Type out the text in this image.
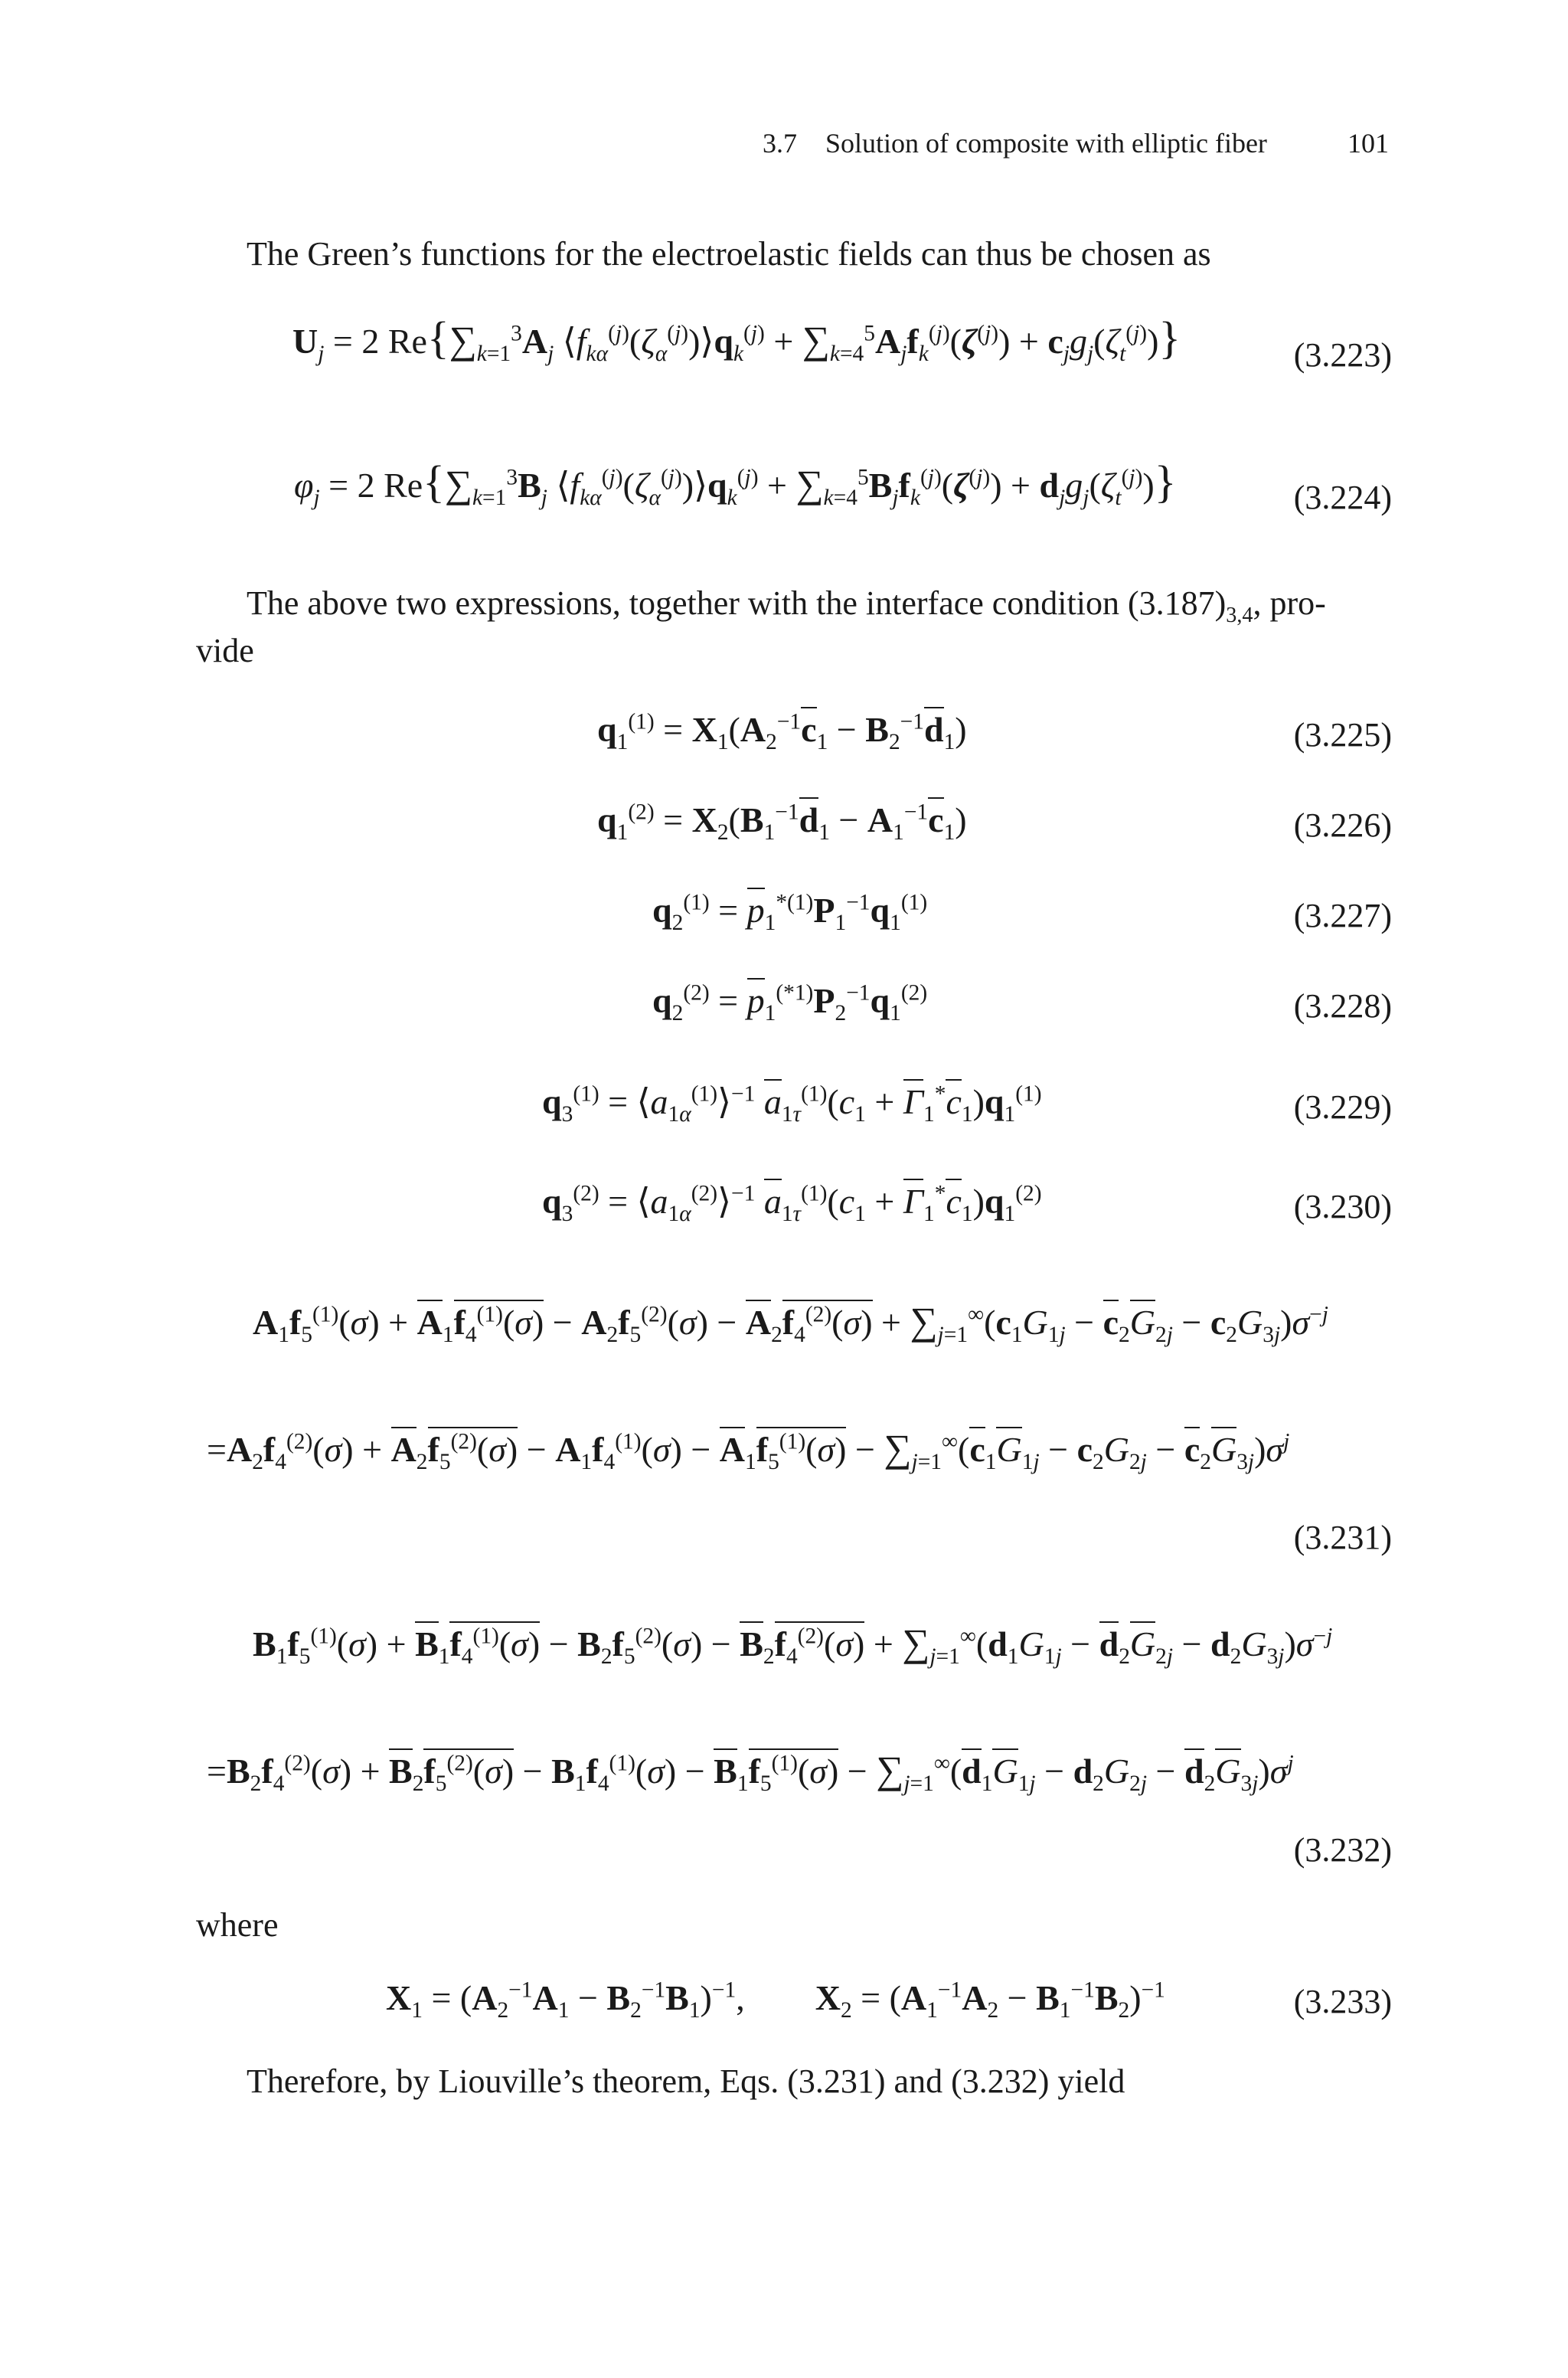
3.7 Solution of composite with elliptic fiber	101
The Green’s functions for the electroelastic fields can thus be chosen as
$U_j = 2$ $Re\{\sum_{k=1}^3A_j$ $⟨f_{k\alpha}^{(j)}(\zeta_\alpha^{(j)})⟩q_k^{(j)} + \sum_{k=4}^5A_jf_k^{(j)}(\zeta^{(j)}) + c_jg_j(\zeta_t^{(j)})$}	(3.223)
$\varphi_j = 2$ $Re\{\sum_{k=1}^3B_j$ $⟨f_{k\alpha}^{(j)}(\zeta_\alpha^{(j)})⟩q_k^{(j)} + \sum_{k=4}^5B_jf_k^{(j)}(\zeta^{(j)}) + d_jg_j(\zeta_t^{(j)})$}	(3.224)
The above two expressions, together with the interface condition $(3.187)_{3,4}$, pro-
vide
$q_1^{(1)} = X_1(A_2^{-1}c_1 - B_2^{-1}d_1)$	(3.225)
$q_1^{(2)} = X_2(B_1^{-1}d_1 - A_1^{-1}c_1)$	(3.226)
$q_2^{(1)} = p_1^{*(1)}P_1^{-1}q_1^{(1)}$	(3.227)
$q_2^{(2)} = p_1^{(*1)}P_2^{-1}q_1^{(2)}$	(3.228)
$q_3^{(1)}$ = $⟨a_{1\alpha}^{(1)}⟩^{-1}$ $a_{1\tau}^{(1)}(c_1 + \Gamma_1^*c_1)q_1^{(1)}$	(3.229)
$q_3^{(2)}$ = $⟨a_{1\alpha}^{(2)}⟩^{-1}$ $a_{1\tau}^{(1)}(c_1 + \Gamma_1^*c_1)q_1^{(2)}$	(3.230)
$A_1f_5^{(1)}(\sigma) + A_1f_4^{(1)}(\sigma) - A_2f_5^{(2)}(\sigma) - A_2f_4^{(2)}(\sigma) + \sum_{j=1}^\infty(c_1G_{1j} - c_2G_{2j} - c_2G_{3j})\sigma^{-j}$
$=A_2f_4^{(2)}(\sigma) + A_2f_5^{(2)}(\sigma) - A_1f_4^{(1)}(\sigma) - A_1f_5^{(1)}(\sigma) - \sum_{j=1}^\infty(c_1G_{1j} - c_2G_{2j} - c_2G_{3j})\sigma^j$
(3.231)
$B_1f_5^{(1)}(\sigma) + B_1f_4^{(1)}(\sigma) - B_2f_5^{(2)}(\sigma) - B_2f_4^{(2)}(\sigma) + \sum_{j=1}^\infty(d_1G_{1j} - d_2G_{2j} - d_2G_{3j})\sigma^{-j}$
$=B_2f_4^{(2)}(\sigma) + B_2f_5^{(2)}(\sigma) - B_1f_4^{(1)}(\sigma) - B_1f_5^{(1)}(\sigma) - \sum_{j=1}^\infty(d_1G_{1j} - d_2G_{2j} - d_2G_{3j})\sigma^j$
(3.232)
where
$X_1 = (A_2^{-1}A_1 - B_2^{-1}B_1)^{-1}$,        $X_2 = (A_1^{-1}A_2 - B_1^{-1}B_2)^{-1}$	(3.233)
Therefore, by Liouville’s theorem, Eqs. (3.231) and (3.232) yield
